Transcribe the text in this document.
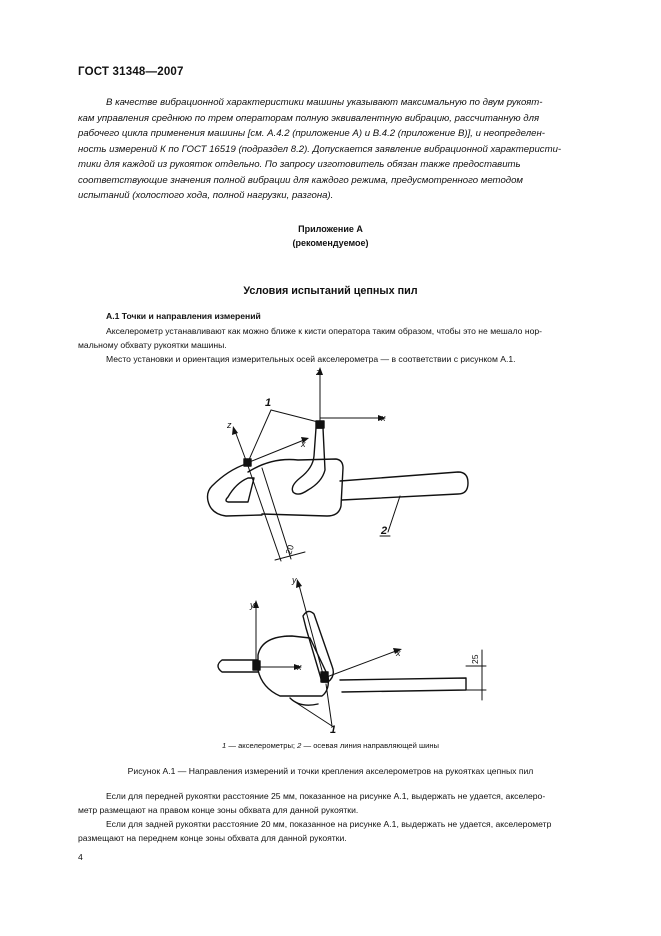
ГОСТ 31348—2007
В качестве вибрационной характеристики машины указывают максимальную по двум рукоят-
кам управления среднюю по трем операторам полную эквивалентную вибрацию, рассчитанную для
рабочего цикла применения машины [см. А.4.2 (приложение А) и В.4.2 (приложение В)], и неопределен-
ность измерений К по ГОСТ 16519 (подраздел 8.2). Допускается заявление вибрационной характеристи-
тики для каждой из рукояток отдельно. По запросу изготовитель обязан также предоставить
соответствующие значения полной вибрации для каждого режима, предусмотренного методом
испытаний (холостого хода, полной нагрузки, разгона).
Приложение А
(рекомендуемое)
Условия испытаний цепных пил
А.1 Точки и направления измерений
Акселерометр устанавливают как можно ближе к кисти оператора таким образом, чтобы это не мешало нор-
мальному обхвату рукоятки машины.
Место установки и ориентация измерительных осей акселерометра — в соответствии с рисунком А.1.
z
x
z
x
y
x
y
x
1
2
1
20
25
1 — акселерометры; 2 — осевая линия направляющей шины
Рисунок А.1 — Направления измерений и точки крепления акселерометров на рукоятках цепных пил
Если для передней рукоятки расстояние 25 мм, показанное на рисунке А.1, выдержать не удается, акселеро-
метр размещают на правом конце зоны обхвата для данной рукоятки.
Если для задней рукоятки расстояние 20 мм, показанное на рисунке А.1, выдержать не удается, акселерометр
размещают на переднем конце зоны обхвата для данной рукоятки.
4
